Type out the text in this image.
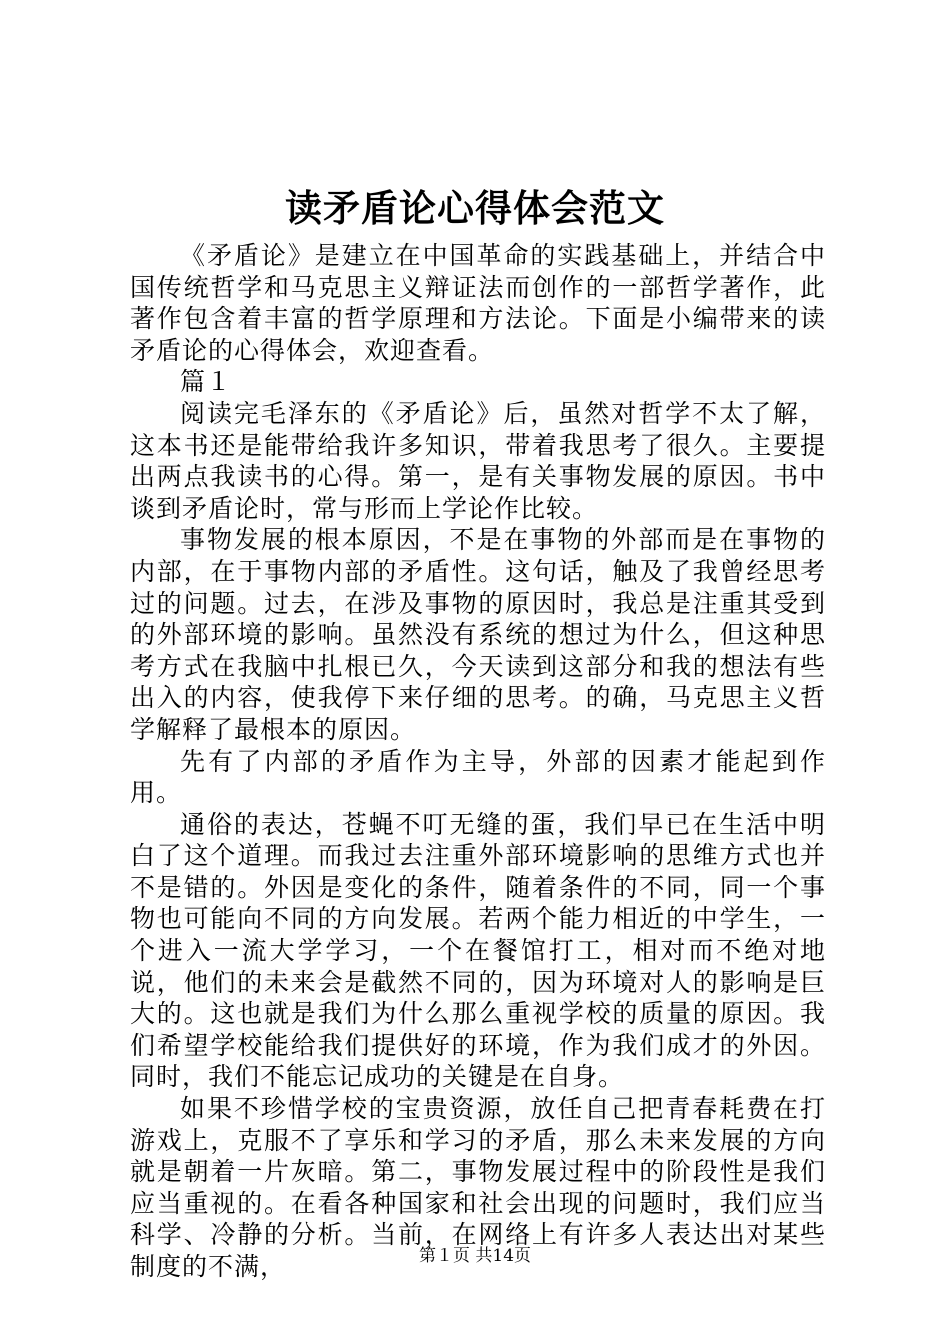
读矛盾论心得体会范文

《矛盾论》是建立在中国革命的实践基础上，并结合中国传统哲学和马克思主义辩证法而创作的一部哲学著作，此著作包含着丰富的哲学原理和方法论。下面是小编带来的读矛盾论的心得体会，欢迎查看。

篇１

阅读完毛泽东的《矛盾论》后，虽然对哲学不太了解，这本书还是能带给我许多知识，带着我思考了很久。主要提出两点我读书的心得。第一，是有关事物发展的原因。书中谈到矛盾论时，常与形而上学论作比较。

事物发展的根本原因，不是在事物的外部而是在事物的内部，在于事物内部的矛盾性。这句话，触及了我曾经思考过的问题。过去，在涉及事物的原因时，我总是注重其受到的外部环境的影响。虽然没有系统的想过为什么，但这种思考方式在我脑中扎根已久，今天读到这部分和我的想法有些出入的内容，使我停下来仔细的思考。的确，马克思主义哲学解释了最根本的原因。

先有了内部的矛盾作为主导，外部的因素才能起到作用。

通俗的表达，苍蝇不叮无缝的蛋，我们早已在生活中明白了这个道理。而我过去注重外部环境影响的思维方式也并不是错的。外因是变化的条件，随着条件的不同，同一个事物也可能向不同的方向发展。若两个能力相近的中学生，一个进入一流大学学习，一个在餐馆打工，相对而不绝对地说，他们的未来会是截然不同的，因为环境对人的影响是巨大的。这也就是我们为什么那么重视学校的质量的原因。我们希望学校能给我们提供好的环境，作为我们成才的外因。同时，我们不能忘记成功的关键是在自身。

如果不珍惜学校的宝贵资源，放任自己把青春耗费在打游戏上，克服不了享乐和学习的矛盾，那么未来发展的方向就是朝着一片灰暗。第二，事物发展过程中的阶段性是我们应当重视的。在看各种国家和社会出现的问题时，我们应当科学、冷静的分析。当前，在网络上有许多人表达出对某些制度的不满，	第１页 共14页
